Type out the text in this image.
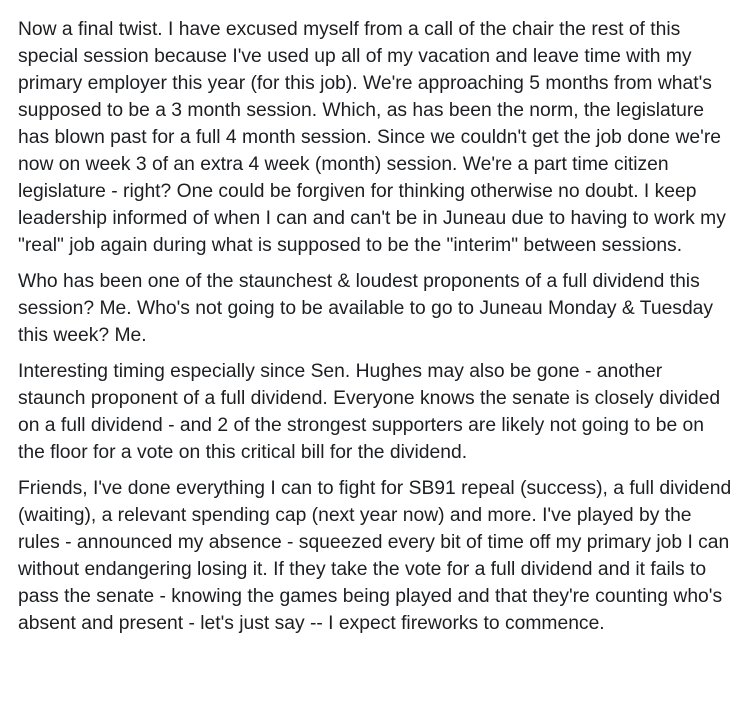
Now a final twist. I have excused myself from a call of the chair the rest of this special session because I've used up all of my vacation and leave time with my primary employer this year (for this job). We're approaching 5 months from what's supposed to be a 3 month session. Which, as has been the norm, the legislature has blown past for a full 4 month session. Since we couldn't get the job done we're now on week 3 of an extra 4 week (month) session. We're a part time citizen legislature - right? One could be forgiven for thinking otherwise no doubt. I keep leadership informed of when I can and can't be in Juneau due to having to work my "real" job again during what is supposed to be the "interim" between sessions.

Who has been one of the staunchest & loudest proponents of a full dividend this session? Me. Who's not going to be available to go to Juneau Monday & Tuesday this week? Me.

Interesting timing especially since Sen. Hughes may also be gone - another staunch proponent of a full dividend. Everyone knows the senate is closely divided on a full dividend - and 2 of the strongest supporters are likely not going to be on the floor for a vote on this critical bill for the dividend.

Friends, I've done everything I can to fight for SB91 repeal (success), a full dividend (waiting), a relevant spending cap (next year now) and more. I've played by the rules - announced my absence - squeezed every bit of time off my primary job I can without endangering losing it. If they take the vote for a full dividend and it fails to pass the senate - knowing the games being played and that they're counting who's absent and present - let's just say -- I expect fireworks to commence.
